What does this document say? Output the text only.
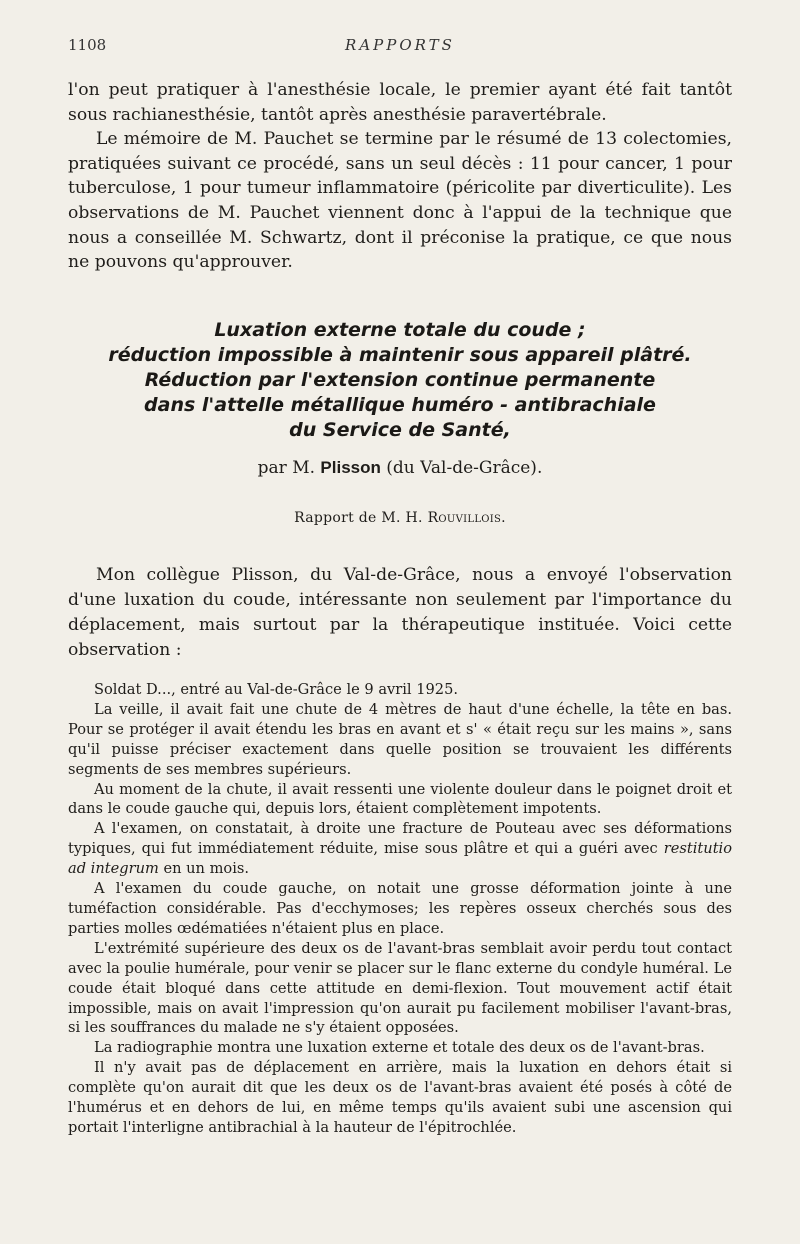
1108	RAPPORTS

l'on peut pratiquer à l'anesthésie locale, le premier ayant été fait tantôt sous rachianesthésie, tantôt après anesthésie paravertébrale.

Le mémoire de M. Pauchet se termine par le résumé de 13 colectomies, pratiquées suivant ce procédé, sans un seul décès : 11 pour cancer, 1 pour tuberculose, 1 pour tumeur inflammatoire (péricolite par diverticulite). Les observations de M. Pauchet viennent donc à l'appui de la technique que nous a conseillée M. Schwartz, dont il préconise la pratique, ce que nous ne pouvons qu'approuver.

Luxation externe totale du coude ;
réduction impossible à maintenir sous appareil plâtré.
Réduction par l'extension continue permanente
dans l'attelle métallique huméro - antibrachiale
du Service de Santé,
par M. Plisson (du Val-de-Grâce).
Rapport de M. H. Rouvillois.

Mon collègue Plisson, du Val-de-Grâce, nous a envoyé l'observation d'une luxation du coude, intéressante non seulement par l'importance du déplacement, mais surtout par la thérapeutique instituée. Voici cette observation :

Soldat D..., entré au Val-de-Grâce le 9 avril 1925.

La veille, il avait fait une chute de 4 mètres de haut d'une échelle, la tête en bas. Pour se protéger il avait étendu les bras en avant et s' « était reçu sur les mains », sans qu'il puisse préciser exactement dans quelle position se trouvaient les différents segments de ses membres supérieurs.

Au moment de la chute, il avait ressenti une violente douleur dans le poignet droit et dans le coude gauche qui, depuis lors, étaient complètement impotents.

A l'examen, on constatait, à droite une fracture de Pouteau avec ses déformations typiques, qui fut immédiatement réduite, mise sous plâtre et qui a guéri avec restitutio ad integrum en un mois.

A l'examen du coude gauche, on notait une grosse déformation jointe à une tuméfaction considérable. Pas d'ecchymoses; les repères osseux cherchés sous des parties molles œdématiées n'étaient plus en place.

L'extrémité supérieure des deux os de l'avant-bras semblait avoir perdu tout contact avec la poulie humérale, pour venir se placer sur le flanc externe du condyle huméral. Le coude était bloqué dans cette attitude en demi-flexion. Tout mouvement actif était impossible, mais on avait l'impression qu'on aurait pu facilement mobiliser l'avant-bras, si les souffrances du malade ne s'y étaient opposées.

La radiographie montra une luxation externe et totale des deux os de l'avant-bras.

Il n'y avait pas de déplacement en arrière, mais la luxation en dehors était si complète qu'on aurait dit que les deux os de l'avant-bras avaient été posés à côté de l'humérus et en dehors de lui, en même temps qu'ils avaient subi une ascension qui portait l'interligne antibrachial à la hauteur de l'épitrochlée.
